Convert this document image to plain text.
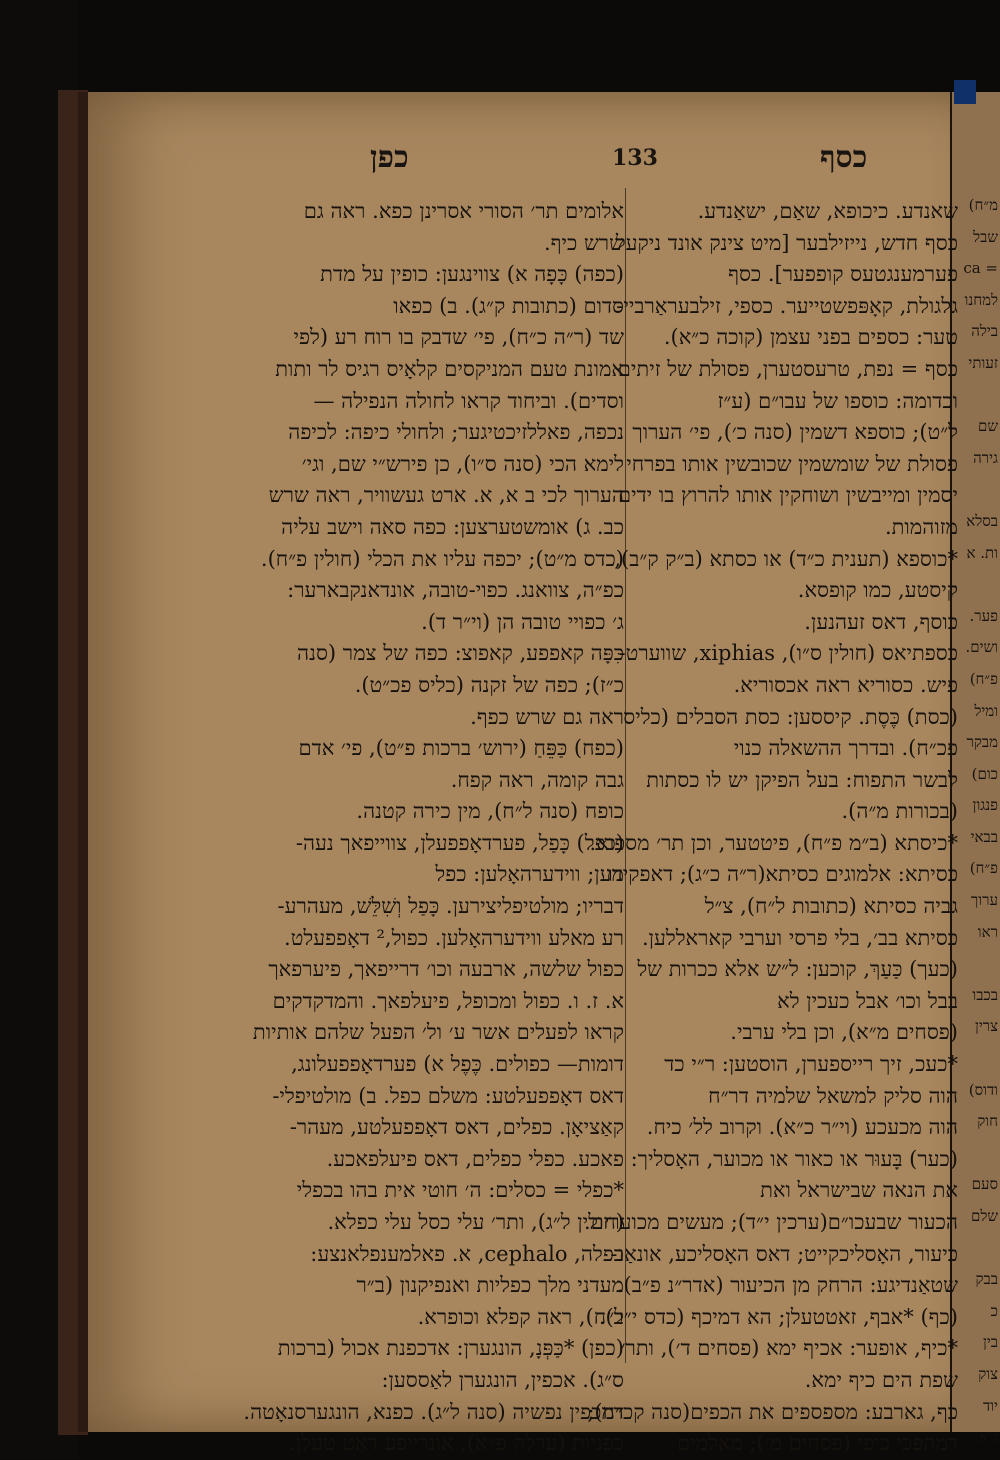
כפן	133	כסף
אלומים תר׳ הסורי אסרינן כפא. ראה גם
שרש כיף.
(כפה) כָּפָה א) צווינגען: כופין על מדת
סדום (כתובות ק״ג). ב) כפאו
שד (ר״ה כ״ח), פי׳ שדבק בו רוח רע (לפי
אמונת טעם המניקסים קלאָיס רגיס לר ותות
וסדים). וביחוד קראו לחולה הנפילה —
נכפה, פאללזיכטיגער; ולחולי כיפה: לכיפה
לימא הכי (סנה ס״ו), כן פירש״י שם, וגי׳
הערוך לכי ב א, א. ארט געשוויר, ראה שרש
כב. ג) אומשטערצען: כפה סאה וישב עליה
(כדס מ״ט); יכפה עליו את הכלי (חולין פ״ח).
כפ״ה, צוואנג. כפוי-טובה, אונדאנקבארער:
ג׳ כפויי טובה הן (וי״ר ד).
כִּפָּה קאפפע, קאפוצ: כפה של צמר (סנה
כ״ז); כפה של זקנה (כליס פכ״ט).
ראה גם שרש כפף.
(כפח) כַּפֵּחַ (ירוש׳ ברכות פ״ט), פי׳ אדם
גבה קומה, ראה קפח.
כופח (סנה ל״ח), מין כירה קטנה.
(כפל) כָּפַל, פערדאָפפעלן, צווייפאך נעה-
מען; ווידערהאָלען: כפל
דבריו; מולטיפליצירען. כָּפַל וְשִׁלֵּשׁ, מעהרע-
רע מאלע ווידערהאָלען. כפול,² דאָפפעלט.
כפול שלשה, ארבעה וכו׳ דרייפאך, פיערפאך
א. ז. ו. כפול ומכופל, פיעלפאך. והמדקדקים
קראו לפעלים אשר ע׳ ול׳ הפעל שלהם אותיות
דומות— כפולים. כֶּפֶל א) פערדאָפפעלונג,
דאס דאָפפעלטע: משלם כפל. ב) מולטיפלי-
קאַציאָן. כפלים, דאס דאָפפעלטע, מעהר-
פאכע. כפלי כפלים, דאס פיעלפאכע.
*כפלי = כסלים: ה׳ חוטי אית בהו בכפלי
(חולין ל״ג), ותר׳ עלי כסל עלי כפלא.
כפלה, cephalo, א. פאלמענפלאנצע:
מעדני מלך כפליות ואנפיקנון (ב״ר
ל״ח), ראה קפלא וכופרא.
(כפן) *כַּפְּנָ, הונגערן: אדכפנת אכול (ברכות
ס״ג). אכפין, הונגערן לאַססען:
דמכפין נפשיה (סנה ל״ג). כפנא, הונגערסנאָטה.
כפניות (ערלה פ״א), אונרייפע דאַט טעלן.
שאנדע. כיכופא, שאַם, ישאַנדע.
כסף חדש, נייזילבער [מיט צינק אונד ניקעל
פערמענגטעס קופפער]. כסף
גלגולת, קאָפּפשטייער. כספי, זילבעראַרביי-
טער: כספים בפני עצמן (קוכה כ״א).
כסף = נפת, טרעסטערן, פסולת של זיתים
וכדומה: כוספו של עבו״ם (ע״ז
ל״ט); כוספא דשמין (סנה כ׳), פי׳ הערוך
פסולת של שומשמין שכובשין אותו בפרחי
יסמין ומייבשין ושוחקין אותו להרוץ בו ידים
מזוהמות.
*כוספא (תענית כ״ד) או כסתא (ב״ק ק״ב),
קיסטע, כמו קופסא.
כוסף, דאס זעהנען.
כספתיאס (חולין ס״ו), xiphias, שווערט-
פיש. כסוריא ראה אכסוריא.
(כסת) כֶּסֶת. קיססען: כסת הסבלים (כליס
פכ״ח). ובדרך ההשאלה כנוי
לבשר התפוח: בעל הפיקן יש לו כסתות
(בכורות מ״ה).
*כיסתא (ב״מ פ״ח), פיטטער, וכן תר׳ מספוא.
כסיתא: אלמוגים כסיתא(ר״ה כ״ג); דאפקידו
גביה כסיתא (כתובות ל״ח), צ״ל
כסיתא בב׳, בלי פרסי וערבי קאראללען.
(כעך) כַּעַךְ, קוכען: ל״ש אלא ככרות של
בבל וכו׳ אבל כעכין לא
(פסחים מ״א), וכן בלי ערבי.
*כעכ, זיך רייספערן, הוסטען: ר״י כד
הוה סליק למשאל שלמיה דר״ח
הוה מכעכע (וי״ר כ״א). וקרוב לל׳ כיח.
(כער) בָּעוּר או כאור או מכוער, האָסליך:
את הנאה שבישראל ואת
הכעור שבעכו״ם(ערכין י״ד); מעשים מכוערים.
כיעור, האָסליכקייט; דאס האָסליכע, אונאַנ-
שטאַנדיגע: הרחק מן הכיעור (אדר״נ פ״ב).
(כף) *אבף, זאטטעלן; הא דמיכף (כדס י״ב).
*כיף, אופער: אכיף ימא (פסחים ד׳), ותר׳
שפת הים כיף ימא.
כף, גארבע: מספספים את הכפים(סנה קכ״ח);
דמהפכי כיפי (פסחים מ׳); מאלמים
מ״ח)
שבל
= ca
למחנו
בילה
זעותי
שם
גירה
בסלא
ות. א
פער.
ושים.
פ״ח)
ומיל
מבקר
כום)
פנגון
בבאי
פ״ח)
ערוך
ראו
בכבו
צרין
ודוס)
חוק
סעם
שלם
בבק
כ
בין
צוק
יוד
ג א
